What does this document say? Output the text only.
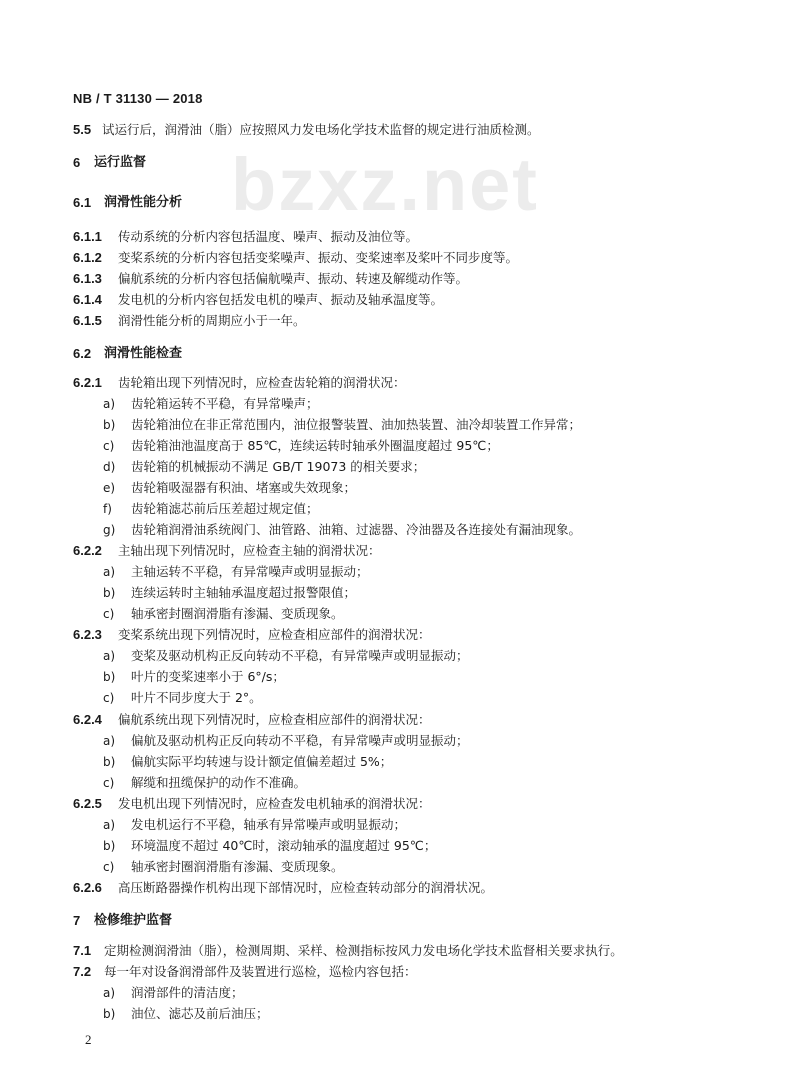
NB / T 31130 — 2018
bzxz.net
5.5 试运行后，润滑油（脂）应按照风力发电场化学技术监督的规定进行油质检测。
6 运行监督
6.1 润滑性能分析
6.1.1 传动系统的分析内容包括温度、噪声、振动及油位等。
6.1.2 变桨系统的分析内容包括变桨噪声、振动、变桨速率及桨叶不同步度等。
6.1.3 偏航系统的分析内容包括偏航噪声、振动、转速及解缆动作等。
6.1.4 发电机的分析内容包括发电机的噪声、振动及轴承温度等。
6.1.5 润滑性能分析的周期应小于一年。
6.2 润滑性能检查
6.2.1 齿轮箱出现下列情况时，应检查齿轮箱的润滑状况：
a) 齿轮箱运转不平稳，有异常噪声；
b) 齿轮箱油位在非正常范围内，油位报警装置、油加热装置、油冷却装置工作异常；
c) 齿轮箱油池温度高于 85℃，连续运转时轴承外圈温度超过 95℃；
d) 齿轮箱的机械振动不满足 GB/T 19073 的相关要求；
e) 齿轮箱吸湿器有积油、堵塞或失效现象；
f) 齿轮箱滤芯前后压差超过规定值；
g) 齿轮箱润滑油系统阀门、油管路、油箱、过滤器、冷油器及各连接处有漏油现象。
6.2.2 主轴出现下列情况时，应检查主轴的润滑状况：
a) 主轴运转不平稳，有异常噪声或明显振动；
b) 连续运转时主轴轴承温度超过报警限值；
c) 轴承密封圈润滑脂有渗漏、变质现象。
6.2.3 变桨系统出现下列情况时，应检查相应部件的润滑状况：
a) 变桨及驱动机构正反向转动不平稳，有异常噪声或明显振动；
b) 叶片的变桨速率小于 6°/s；
c) 叶片不同步度大于 2°。
6.2.4 偏航系统出现下列情况时，应检查相应部件的润滑状况：
a) 偏航及驱动机构正反向转动不平稳，有异常噪声或明显振动；
b) 偏航实际平均转速与设计额定值偏差超过 5%；
c) 解缆和扭缆保护的动作不准确。
6.2.5 发电机出现下列情况时，应检查发电机轴承的润滑状况：
a) 发电机运行不平稳，轴承有异常噪声或明显振动；
b) 环境温度不超过 40℃时，滚动轴承的温度超过 95℃；
c) 轴承密封圈润滑脂有渗漏、变质现象。
6.2.6 高压断路器操作机构出现下部情况时，应检查转动部分的润滑状况。
7 检修维护监督
7.1 定期检测润滑油（脂），检测周期、采样、检测指标按风力发电场化学技术监督相关要求执行。
7.2 每一年对设备润滑部件及装置进行巡检，巡检内容包括：
a) 润滑部件的清洁度；
b) 油位、滤芯及前后油压；
2
